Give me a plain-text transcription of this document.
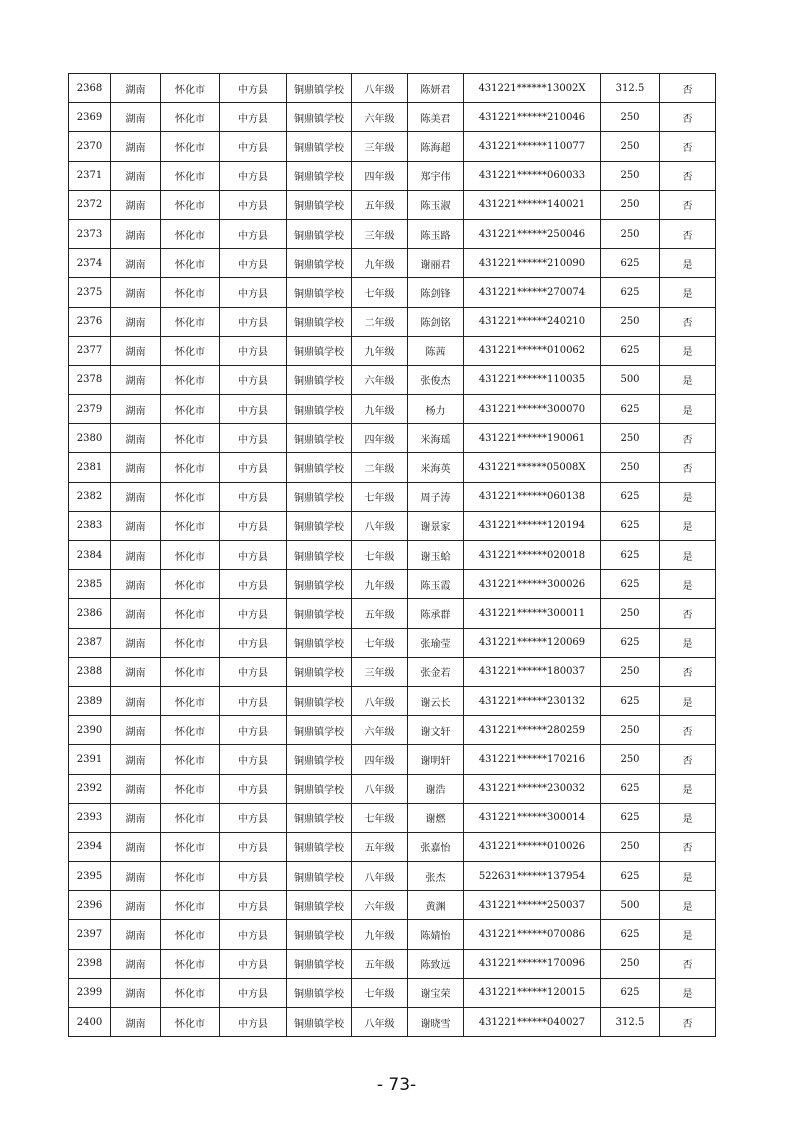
2368	湖南	怀化市	中方县	铜鼎镇学校	八年级	陈妍君	431221******13002X	312.5	否
2369	湖南	怀化市	中方县	铜鼎镇学校	六年级	陈美君	431221******210046	250	否
2370	湖南	怀化市	中方县	铜鼎镇学校	三年级	陈海超	431221******110077	250	否
2371	湖南	怀化市	中方县	铜鼎镇学校	四年级	郑宇伟	431221******060033	250	否
2372	湖南	怀化市	中方县	铜鼎镇学校	五年级	陈玉淑	431221******140021	250	否
2373	湖南	怀化市	中方县	铜鼎镇学校	三年级	陈玉路	431221******250046	250	否
2374	湖南	怀化市	中方县	铜鼎镇学校	九年级	谢丽君	431221******210090	625	是
2375	湖南	怀化市	中方县	铜鼎镇学校	七年级	陈剑锋	431221******270074	625	是
2376	湖南	怀化市	中方县	铜鼎镇学校	二年级	陈剑铭	431221******240210	250	否
2377	湖南	怀化市	中方县	铜鼎镇学校	九年级	陈茜	431221******010062	625	是
2378	湖南	怀化市	中方县	铜鼎镇学校	六年级	张俊杰	431221******110035	500	是
2379	湖南	怀化市	中方县	铜鼎镇学校	九年级	杨力	431221******300070	625	是
2380	湖南	怀化市	中方县	铜鼎镇学校	四年级	米海瑶	431221******190061	250	否
2381	湖南	怀化市	中方县	铜鼎镇学校	二年级	米海英	431221******05008X	250	否
2382	湖南	怀化市	中方县	铜鼎镇学校	七年级	周子涛	431221******060138	625	是
2383	湖南	怀化市	中方县	铜鼎镇学校	八年级	谢景家	431221******120194	625	是
2384	湖南	怀化市	中方县	铜鼎镇学校	七年级	谢玉蛤	431221******020018	625	是
2385	湖南	怀化市	中方县	铜鼎镇学校	九年级	陈玉霞	431221******300026	625	是
2386	湖南	怀化市	中方县	铜鼎镇学校	五年级	陈承群	431221******300011	250	否
2387	湖南	怀化市	中方县	铜鼎镇学校	七年级	张瑜莹	431221******120069	625	是
2388	湖南	怀化市	中方县	铜鼎镇学校	三年级	张金若	431221******180037	250	否
2389	湖南	怀化市	中方县	铜鼎镇学校	八年级	谢云长	431221******230132	625	是
2390	湖南	怀化市	中方县	铜鼎镇学校	六年级	谢文轩	431221******280259	250	否
2391	湖南	怀化市	中方县	铜鼎镇学校	四年级	谢明轩	431221******170216	250	否
2392	湖南	怀化市	中方县	铜鼎镇学校	八年级	谢浩	431221******230032	625	是
2393	湖南	怀化市	中方县	铜鼎镇学校	七年级	谢燃	431221******300014	625	是
2394	湖南	怀化市	中方县	铜鼎镇学校	五年级	张嘉怡	431221******010026	250	否
2395	湖南	怀化市	中方县	铜鼎镇学校	八年级	张杰	522631******137954	625	是
2396	湖南	怀化市	中方县	铜鼎镇学校	六年级	黄渊	431221******250037	500	是
2397	湖南	怀化市	中方县	铜鼎镇学校	九年级	陈婧怡	431221******070086	625	是
2398	湖南	怀化市	中方县	铜鼎镇学校	五年级	陈致远	431221******170096	250	否
2399	湖南	怀化市	中方县	铜鼎镇学校	七年级	谢宝荣	431221******120015	625	是
2400	湖南	怀化市	中方县	铜鼎镇学校	八年级	谢晓雪	431221******040027	312.5	否
- 73-
